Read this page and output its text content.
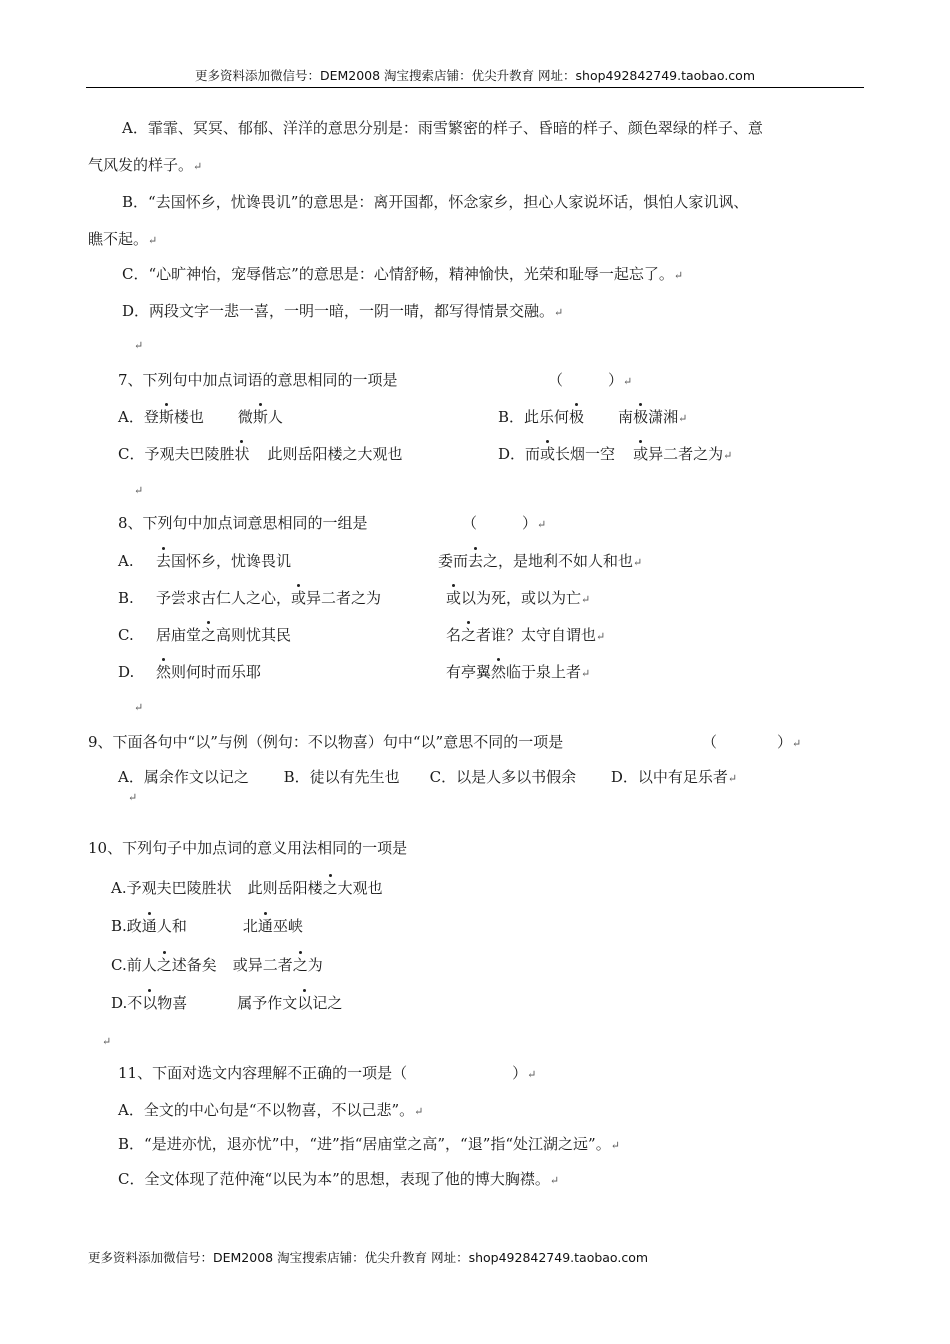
更多资料添加微信号：DEM2008 淘宝搜索店铺：优尖升教育 网址：shop492842749.taobao.com
A．霏霏、冥冥、郁郁、洋洋的意思分别是：雨雪繁密的样子、昏暗的样子、颜色翠绿的样子、意
气风发的样子。↵
B．“去国怀乡，忧谗畏讥”的意思是：离开国都，怀念家乡，担心人家说坏话，惧怕人家讥讽、
瞧不起。↵
C．“心旷神怡，宠辱偕忘”的意思是：心情舒畅，精神愉快，光荣和耻辱一起忘了。↵
D．两段文字一悲一喜，一明一暗，一阴一晴，都写得情景交融。↵
↵
7、下列句中加点词语的意思相同的一项是	（　　　）↵
A．登斯楼也 微斯人	B．此乐何极 南极潇湘↵
C．予观夫巴陵胜状 此则岳阳楼之大观也	D．而或长烟一空 或异二者之为↵
↵
8、下列句中加点词意思相同的一组是	（　　　）↵
A. 去国怀乡，忧谗畏讥	委而去之，是地利不如人和也↵
B. 予尝求古仁人之心，或异二者之为	或以为死，或以为亡↵
C. 居庙堂之高则忧其民	名之者谁？太守自谓也↵
D. 然则何时而乐耶	有亭翼然临于泉上者↵
↵
9、下面各句中“以”与例（例句：不以物喜）句中“以”意思不同的一项是	（　　　　）↵
A．属余作文以记之　　 B．徒以有先生也　　C．以是人多以书假余　　 D．以中有足乐者↵
↵
10、下列句子中加点词的意义用法相同的一项是
A.予观夫巴陵胜状 此则岳阳楼之大观也
B.政通人和	北通巫峡
C.前人之述备矣 或异二者之为
D.不以物喜	属予作文以记之
↵
11、下面对选文内容理解不正确的一项是（　　　　　　　）↵
A．全文的中心句是“不以物喜，不以己悲”。↵
B．“是进亦忧，退亦忧”中，“进”指“居庙堂之高”，“退”指“处江湖之远”。↵
C．全文体现了范仲淹“以民为本”的思想，表现了他的博大胸襟。↵
更多资料添加微信号：DEM2008 淘宝搜索店铺：优尖升教育 网址：shop492842749.taobao.com
